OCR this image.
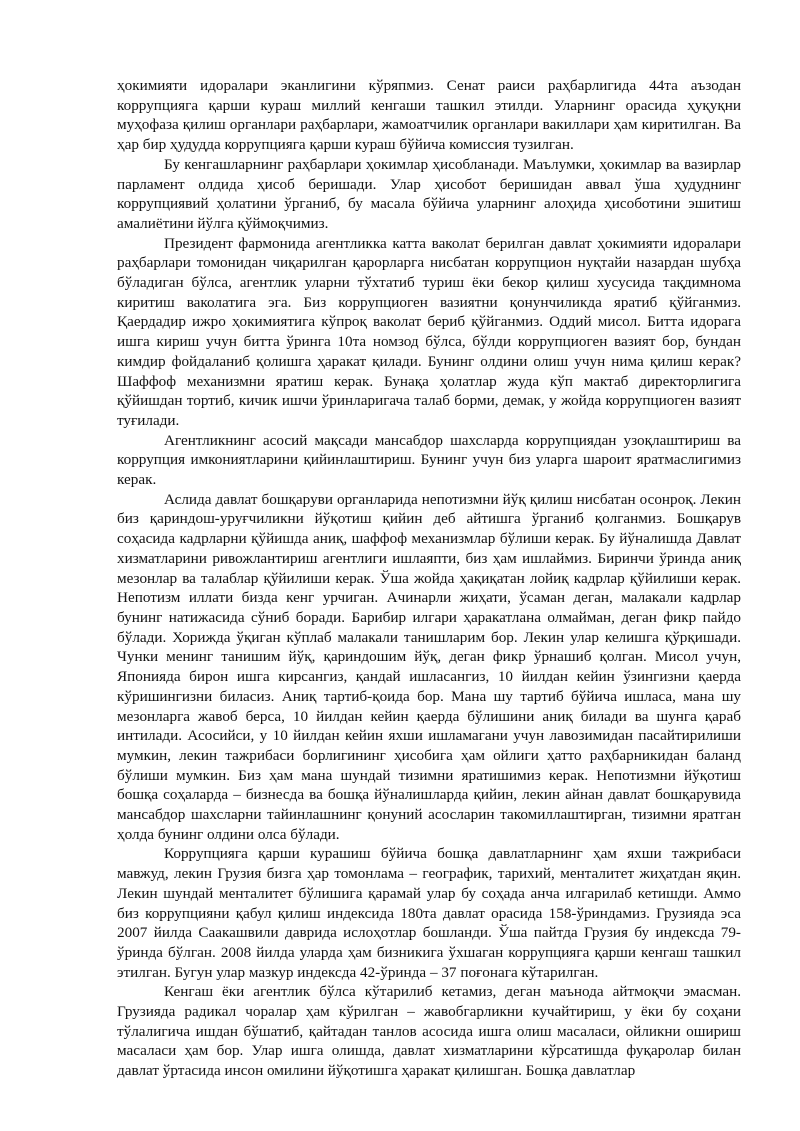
ҳокимияти идоралари эканлигини кўряпмиз. Сенат раиси раҳбарлигида 44та аъзодан коррупцияга қарши кураш миллий кенгаши ташкил этилди. Уларнинг орасида ҳуқуқни муҳофаза қилиш органлари раҳбарлари, жамоатчилик органлари вакиллари ҳам киритилган. Ва ҳар бир ҳудудда коррупцияга қарши кураш бўйича комиссия тузилган.

Бу кенгашларнинг раҳбарлари ҳокимлар ҳисобланади. Маълумки, ҳокимлар ва вазирлар парламент олдида ҳисоб беришади. Улар ҳисобот беришидан аввал ўша ҳудуднинг коррупциявий ҳолатини ўрганиб, бу масала бўйича уларнинг алоҳида ҳисоботини эшитиш амалиётини йўлга қўймоқчимиз.

Президент фармонида агентликка катта ваколат берилган давлат ҳокимияти идоралари раҳбарлари томонидан чиқарилган қарорларга нисбатан коррупцион нуқтайи назардан шубҳа бўладиган бўлса, агентлик уларни тўхтатиб туриш ёки бекор қилиш хусусида тақдимнома киритиш ваколатига эга. Биз коррупциоген вазиятни қонунчиликда яратиб қўйганмиз. Қаердадир ижро ҳокимиятига кўпроқ ваколат бериб қўйганмиз. Оддий мисол. Битта идорага ишга кириш учун битта ўринга 10та номзод бўлса, бўлди коррупциоген вазият бор, бундан кимдир фойдаланиб қолишга ҳаракат қилади. Бунинг олдини олиш учун нима қилиш керак? Шаффоф механизмни яратиш керак. Бунақа ҳолатлар жуда кўп мактаб директорлигига қўйишдан тортиб, кичик ишчи ўринларигача талаб борми, демак, у жойда коррупциоген вазият туғилади.

Агентликнинг асосий мақсади мансабдор шахсларда коррупциядан узоқлаштириш ва коррупция имкониятларини қийинлаштириш. Бунинг учун биз уларга шароит яратмаслигимиз керак.

Аслида давлат бошқаруви органларида непотизмни йўқ қилиш нисбатан осонроқ. Лекин биз қариндош-уруғчиликни йўқотиш қийин деб айтишга ўрганиб қолганмиз. Бошқарув соҳасида кадрларни қўйишда аниқ, шаффоф механизмлар бўлиши керак. Бу йўналишда Давлат хизматларини ривожлантириш агентлиги ишлаяпти, биз ҳам ишлаймиз. Биринчи ўринда аниқ мезонлар ва талаблар қўйилиши керак. Ўша жойда ҳақиқатан лойиқ кадрлар қўйилиши керак. Непотизм иллати бизда кенг урчиган. Ачинарли жиҳати, ўсаман деган, малакали кадрлар бунинг натижасида сўниб боради. Барибир илгари ҳаракатлана олмайман, деган фикр пайдо бўлади. Хорижда ўқиган кўплаб малакали танишларим бор. Лекин улар келишга қўрқишади. Чунки менинг танишим йўқ, қариндошим йўқ, деган фикр ўрнашиб қолган. Мисол учун, Японияда бирон ишга кирсангиз, қандай ишласангиз, 10 йилдан кейин ўзингизни қаерда кўришингизни биласиз. Аниқ тартиб-қоида бор. Мана шу тартиб бўйича ишласа, мана шу мезонларга жавоб берса, 10 йилдан кейин қаерда бўлишини аниқ билади ва шунга қараб интилади. Асосийси, у 10 йилдан кейин яхши ишламагани учун лавозимидан пасайтирилиши мумкин, лекин тажрибаси борлигининг ҳисобига ҳам ойлиги ҳатто раҳбарникидан баланд бўлиши мумкин. Биз ҳам мана шундай тизимни яратишимиз керак. Непотизмни йўқотиш бошқа соҳаларда – бизнесда ва бошқа йўналишларда қийин, лекин айнан давлат бошқарувида мансабдор шахсларни тайинлашнинг қонуний асосларин такомиллаштирган, тизимни яратган ҳолда бунинг олдини олса бўлади.

Коррупцияга қарши курашиш бўйича бошқа давлатларнинг ҳам яхши тажрибаси мавжуд, лекин Грузия бизга ҳар томонлама – географик, тарихий, менталитет жиҳатдан яқин. Лекин шундай менталитет бўлишига қарамай улар бу соҳада анча илгарилаб кетишди. Аммо биз коррупцияни қабул қилиш индексида 180та давлат орасида 158-ўриндамиз. Грузияда эса 2007 йилда Саакашвили даврида ислоҳотлар бошланди. Ўша пайтда Грузия бу индексда 79-ўринда бўлган. 2008 йилда уларда ҳам бизникига ўхшаган коррупцияга қарши кенгаш ташкил этилган. Бугун улар мазкур индексда 42-ўринда – 37 поғонага кўтарилган.

Кенгаш ёки агентлик бўлса кўтарилиб кетамиз, деган маънода айтмоқчи эмасман. Грузияда радикал чоралар ҳам кўрилган – жавобгарликни кучайтириш, у ёки бу соҳани тўлалигича ишдан бўшатиб, қайтадан танлов асосида ишга олиш масаласи, ойликни ошириш масаласи ҳам бор. Улар ишга олишда, давлат хизматларини кўрсатишда фуқаролар билан давлат ўртасида инсон омилини йўқотишга ҳаракат қилишган. Бошқа давлатлар
